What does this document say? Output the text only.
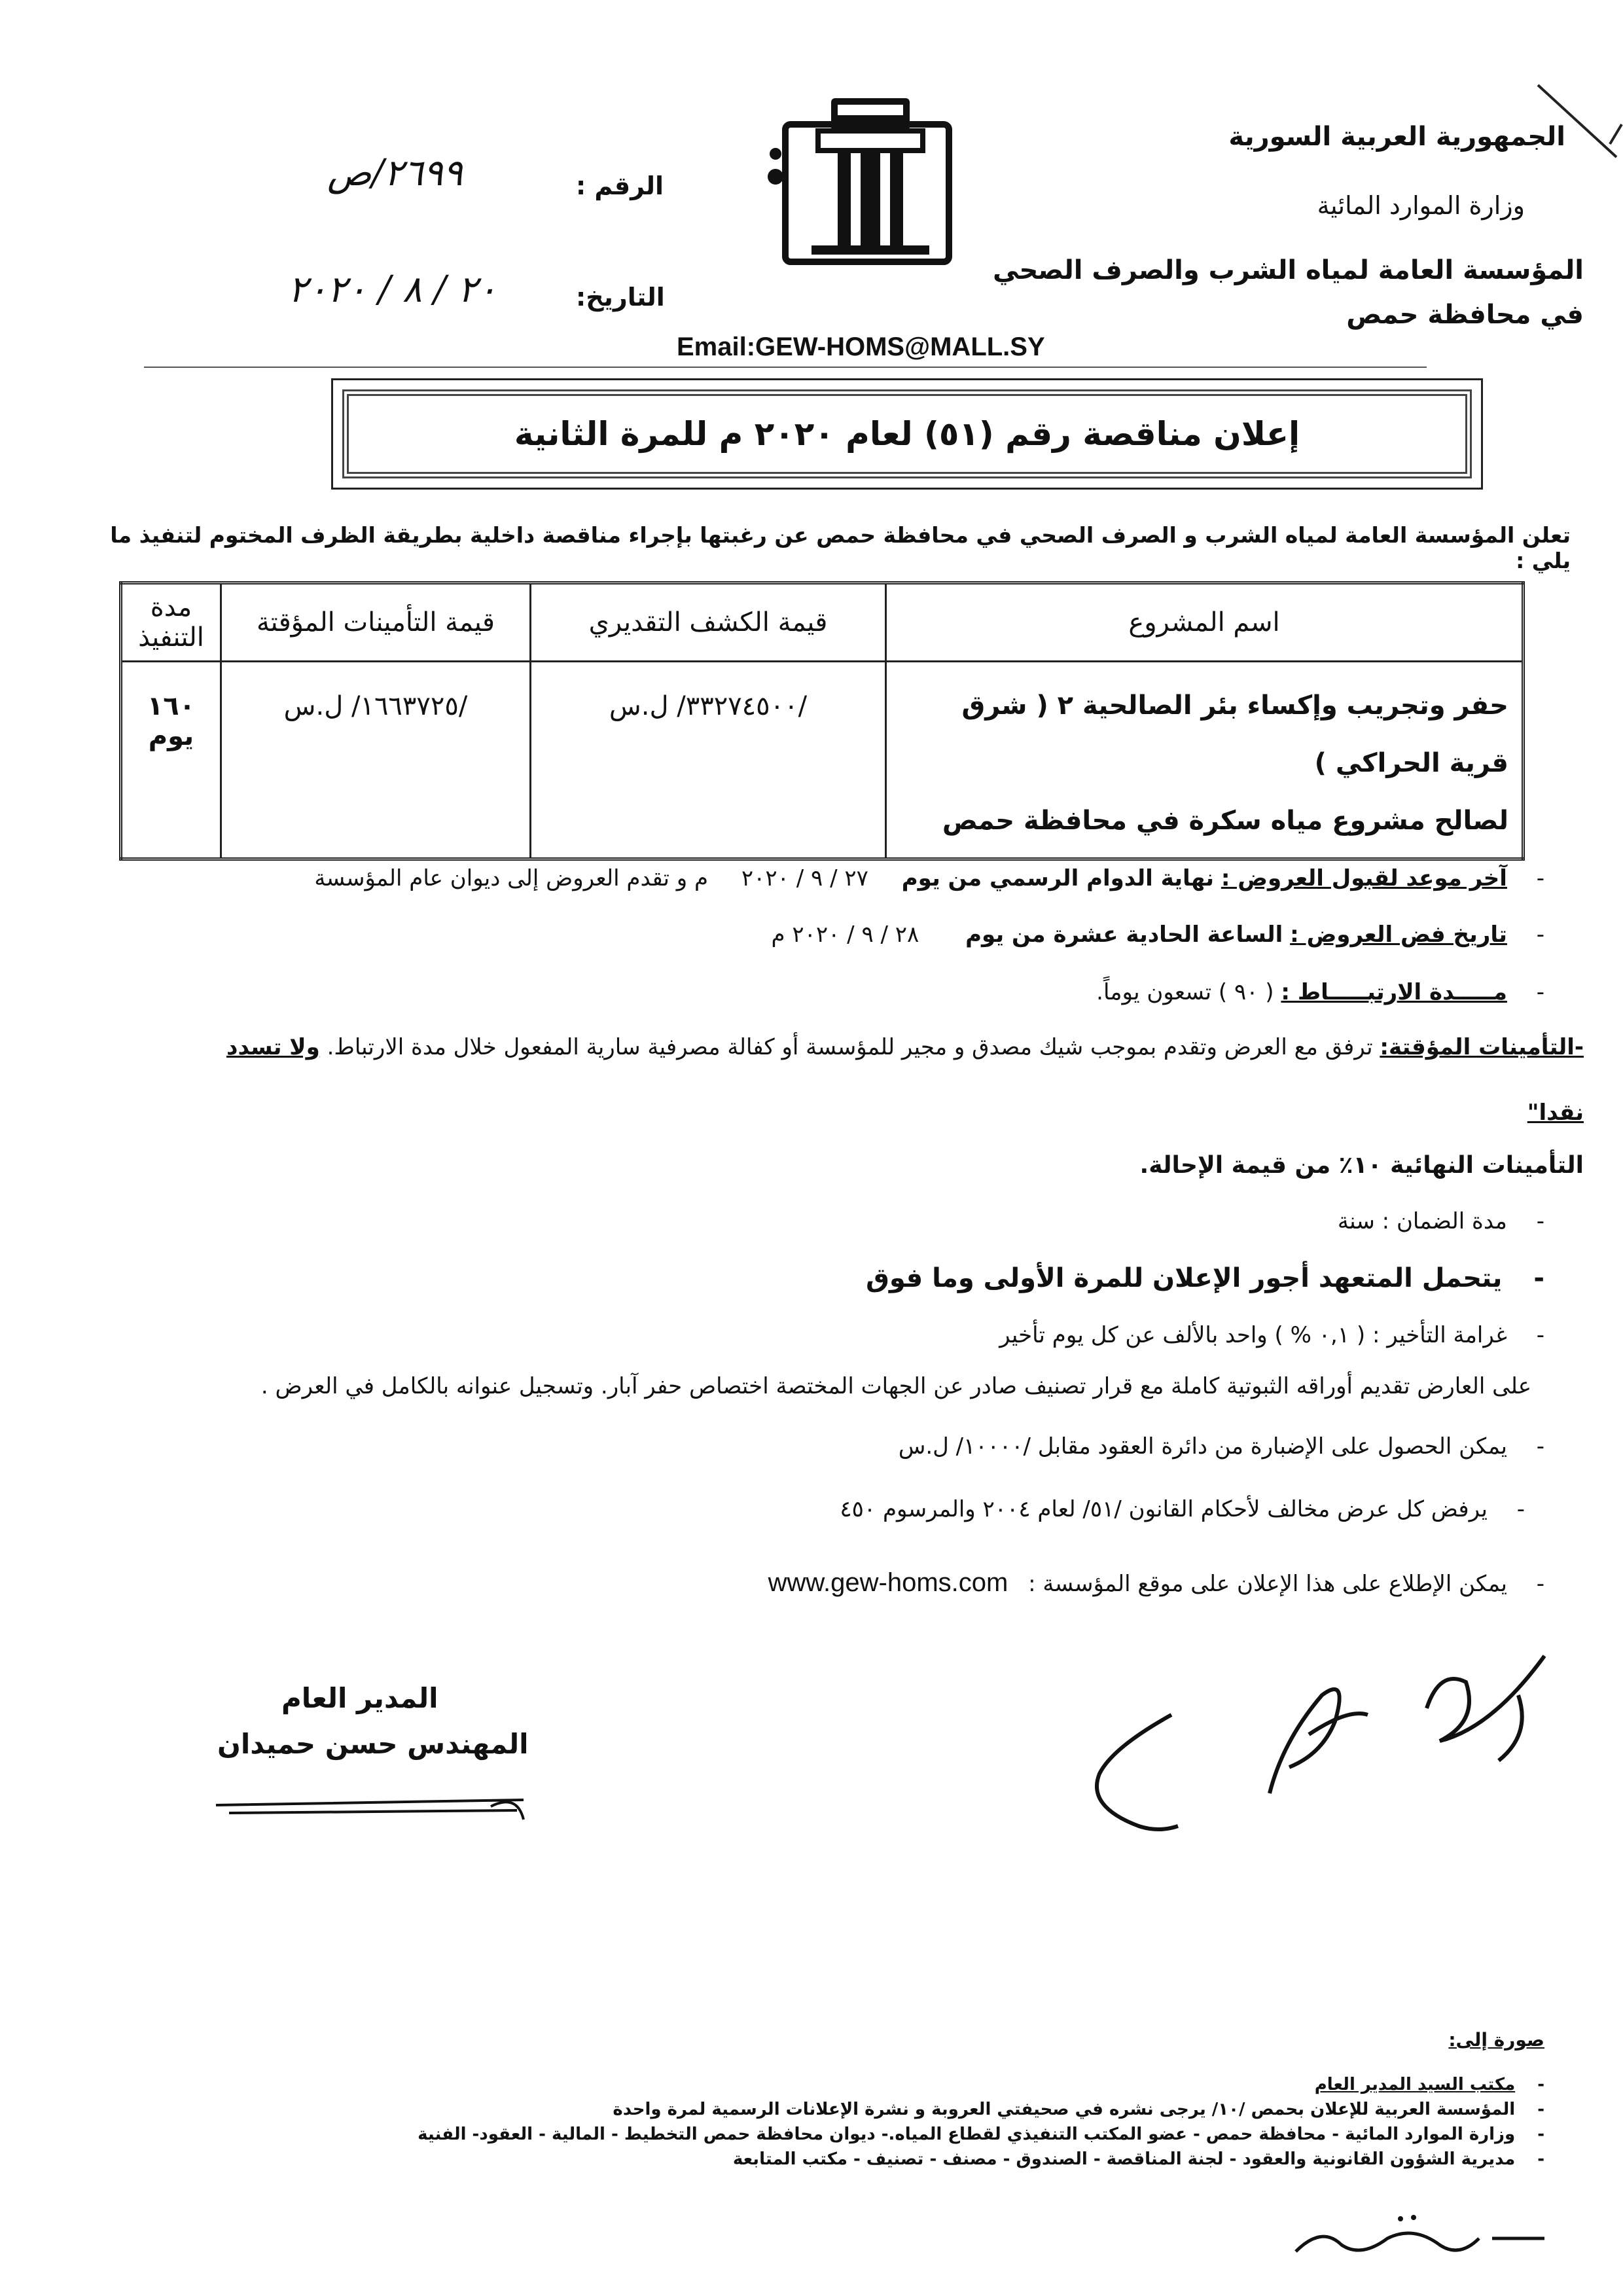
الجمهورية العربية السورية
وزارة الموارد المائية
المؤسسة العامة لمياه الشرب والصرف الصحي
في محافظة حمص
الرقم :
٢٦٩٩/ص
التاريخ:
٢٠ / ٨ / ٢٠٢٠
Email:GEW-HOMS@MALL.SY
إعلان مناقصة رقم (٥١) لعام ٢٠٢٠ م للمرة الثانية
تعلن المؤسسة العامة لمياه الشرب و الصرف الصحي في محافظة حمص عن رغبتها بإجراء مناقصة داخلية بطريقة الظرف المختوم لتنفيذ ما يلي :
اسم المشروع	قيمة الكشف التقديري	قيمة التأمينات المؤقتة	مدة التنفيذ

حفر وتجريب وإكساء بئر الصالحية ٢ ( شرق قرية الحراكي )
لصالح مشروع مياه سكرة في محافظة حمص	/٣٣٢٧٤٥٠٠/ ل.س	/١٦٦٣٧٢٥/ ل.س	١٦٠ يوم
- آخر موعد لقبول العروض : نهاية الدوام الرسمي من يوم ٢٧ / ٩ / ٢٠٢٠ م و تقدم العروض إلى ديوان عام المؤسسة
- تاريخ فض العروض : الساعة الحادية عشرة من يوم ٢٨ / ٩ / ٢٠٢٠ م
- مـــــدة الارتبـــــاط : ( ٩٠ ) تسعون يوماً.
-التأمينات المؤقتة: ترفق مع العرض وتقدم بموجب شيك مصدق و مجير للمؤسسة أو كفالة مصرفية سارية المفعول خلال مدة الارتباط. ولا تسدد
نقدا"
التأمينات النهائية ١٠٪ من قيمة الإحالة.
- مدة الضمان : سنة
- يتحمل المتعهد أجور الإعلان للمرة الأولى وما فوق
- غرامة التأخير : ( ٠,١ % ) واحد بالألف عن كل يوم تأخير
على العارض تقديم أوراقه الثبوتية كاملة مع قرار تصنيف صادر عن الجهات المختصة اختصاص حفر آبار. وتسجيل عنوانه بالكامل في العرض .
- يمكن الحصول على الإضبارة من دائرة العقود مقابل /١٠٠٠٠/ ل.س
- يرفض كل عرض مخالف لأحكام القانون /٥١/ لعام ٢٠٠٤ والمرسوم ٤٥٠
- يمكن الإطلاع على هذا الإعلان على موقع المؤسسة : www.gew-homs.com
المدير العام
المهندس حسن حميدان
صورة إلى:
-مكتب السيد المدير العام
-المؤسسة العربية للإعلان بحمص /١٠/ يرجى نشره في صحيفتي العروبة و نشرة الإعلانات الرسمية لمرة واحدة
-وزارة الموارد المائية - محافظة حمص - عضو المكتب التنفيذي لقطاع المياه.- ديوان محافظة حمص التخطيط - المالية - العقود- الفنية
-مديرية الشؤون القانونية والعقود - لجنة المناقصة - الصندوق - مصنف - تصنيف - مكتب المتابعة
